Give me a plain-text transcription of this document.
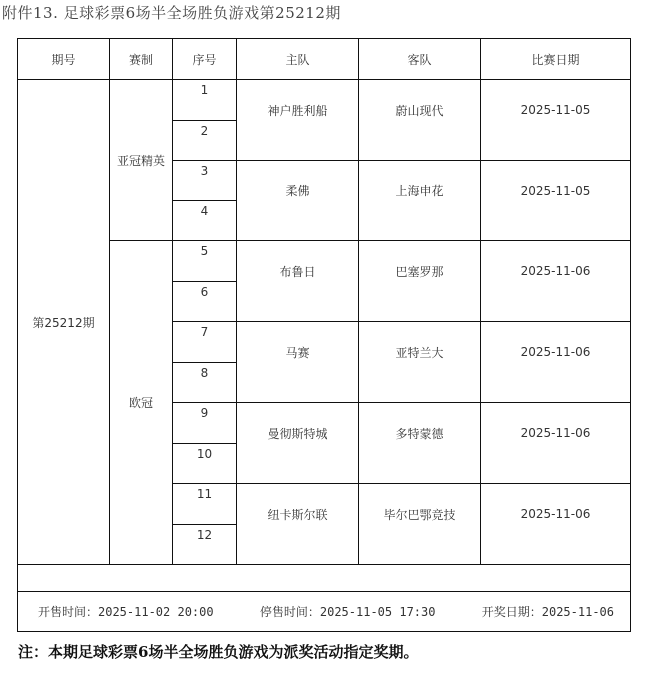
附件13. 足球彩票6场半全场胜负游戏第25212期
期号	赛制	序号	主队	客队	比赛日期
第25212期	亚冠精英	1	神户胜利船	蔚山现代	2025-11-05
		2			
		3	柔佛	上海申花	2025-11-05
		4			
	欧冠	5	布鲁日	巴塞罗那	2025-11-06
		6			
		7	马赛	亚特兰大	2025-11-06
		8			
		9	曼彻斯特城	多特蒙德	2025-11-06
		10			
		11	纽卡斯尔联	毕尔巴鄂竞技	2025-11-06
		12			

开售时间：2025-11-02 20:00 停售时间：2025-11-05 17:30 开奖日期：2025-11-06					
注：本期足球彩票6场半全场胜负游戏为派奖活动指定奖期。
